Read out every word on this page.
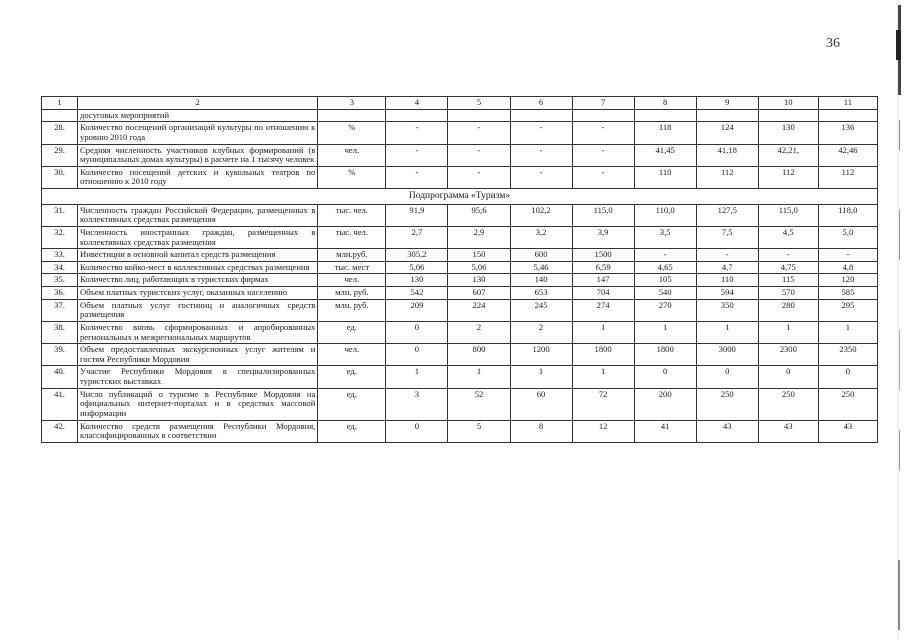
36
1	2	3	4	5	6	7	8	9	10	11
	досуговых мероприятий									
28.	Количество посещений организаций культуры по отношению к уровню 2010 года	%	-	-	-	-	118	124	130	136
29.	Средняя численность участников клубных формирований (в муниципальных домах культуры) в расчете на 1 тысячу человек	чел.	-	-	-	-	41,45	41,18	42,21,	42,46
30.	Количество посещений детских и кукольных театров по отношению к 2010 году	%	-	-	-	-	110	112	112	112
Подпрограмма «Туризм»										
31.	Численность граждан Российской Федерации, размещенных в коллективных средствах размещения	тыс. чел.	91,9	95,6	102,2	115,0	110,0	127,5	115,0	118,0
32.	Численность иностранных граждан, размещенных в коллективных средствах размещения	тыс. чел.	2,7	2,9	3,2	3,9	3,5	7,5	4,5	5,0
33.	Инвестиции в основной капитал средств размещения	млн.руб.	305,2	150	600	1500	-	-	-	-
34.	Количество койко-мест в коллективных средствах размещения	тыс. мест	5,06	5,06	5,46	6,59	4,65	4,7	4,75	4,8
35.	Количество лиц, работающих в туристских фирмах	чел.	130	130	140	147	105	110	115	120
36.	Объем платных туристских услуг, оказанных населению	млн. руб.	542	607	653	704	540	594	570	585
37.	Объем платных услуг гостиниц и аналогичных средств размещения	млн. руб.	209	224	245	274	270	350	280	295
38.	Количество вновь сформированных и апробированных региональных и межрегиональных маршрутов	ед.	0	2	2	1	1	1	1	1
39.	Объем предоставленных экскурсионных услуг жителям и гостям Республики Мордовия	чел.	0	800	1200	1800	1800	3000	2300	2350
40.	Участие Республики Мордовия в специализированных туристских выставках	ед.	1	1	1	1	0	0	0	0
41.	Число публикаций о туризме в Республике Мордовия на официальных интернет-порталах и в средствах массовой информации	ед.	3	52	60	72	200	250	250	250
42.	Количество средств размещения Республики Мордовия, классифицированных в соответствии	ед.	0	5	8	12	41	43	43	43
